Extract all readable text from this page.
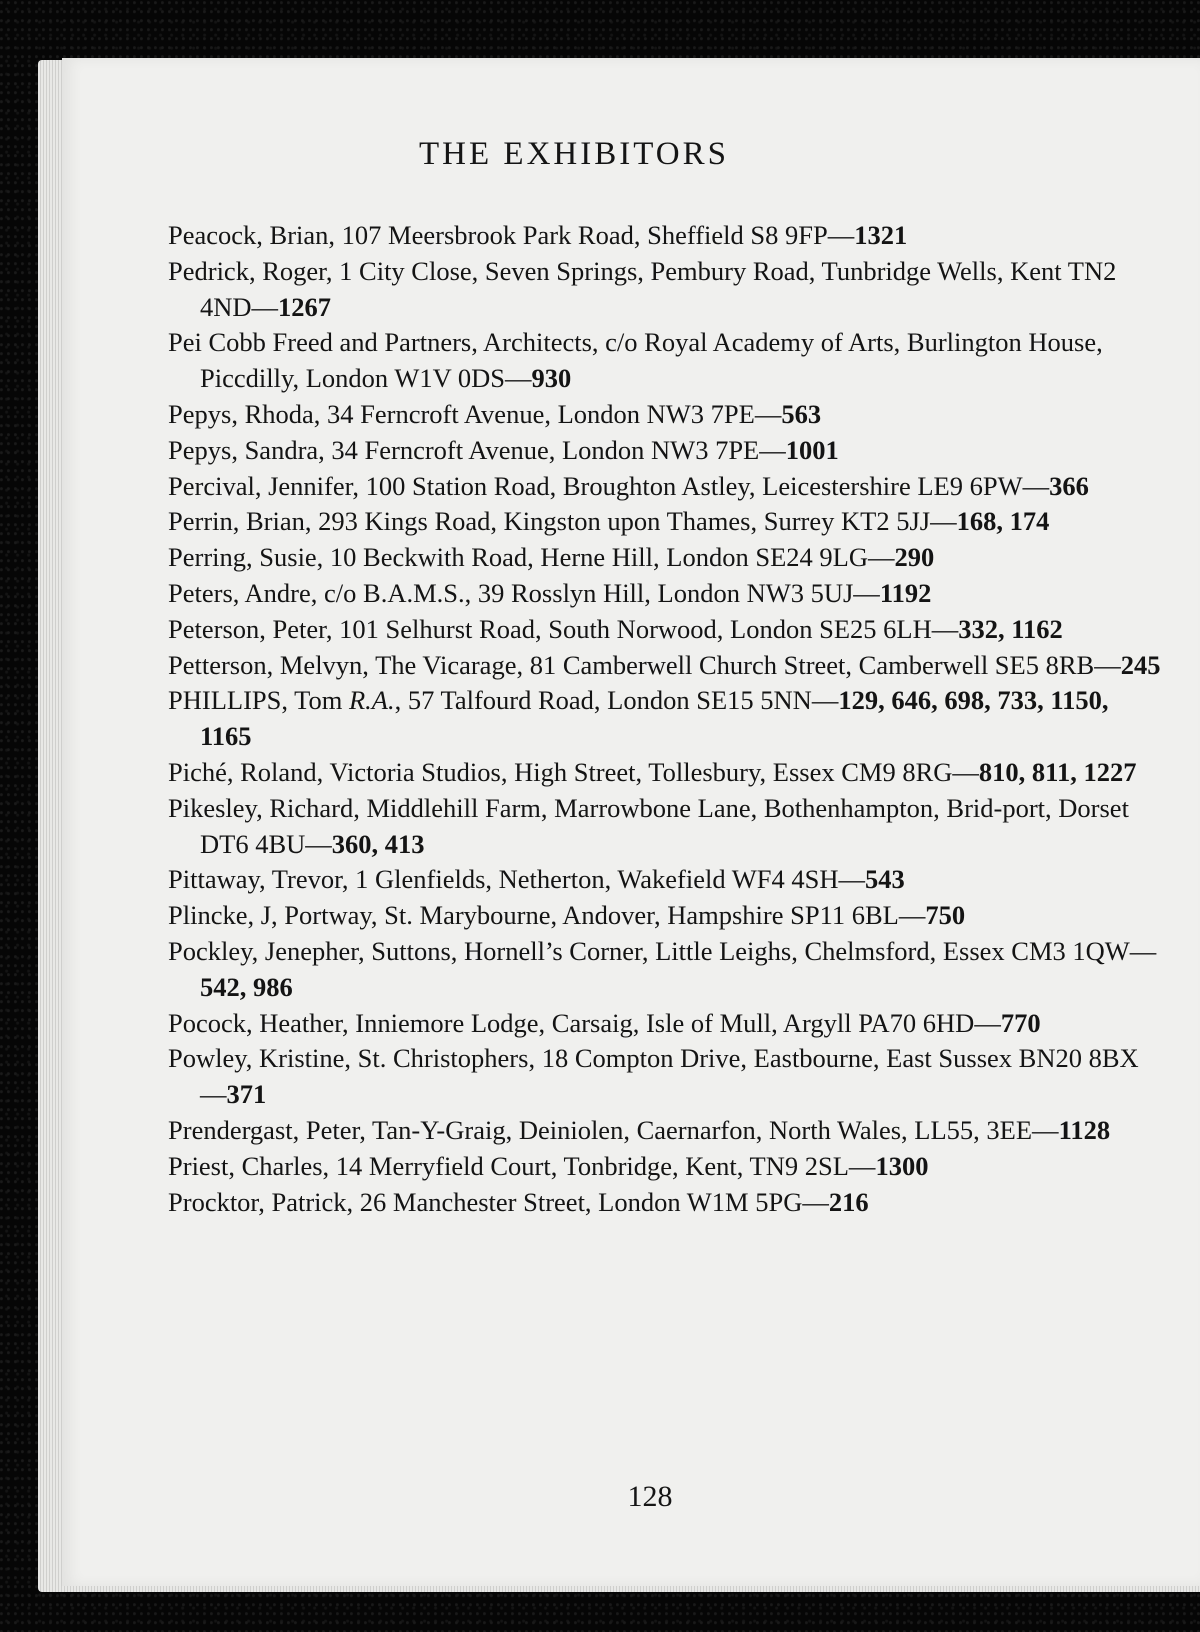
THE EXHIBITORS

Peacock, Brian, 107 Meersbrook Park Road, Sheffield S8 9FP—1321

Pedrick, Roger, 1 City Close, Seven Springs, Pembury Road, Tunbridge Wells, Kent TN2 4ND—1267

Pei Cobb Freed and Partners, Architects, c/o Royal Academy of Arts, Burlington House, Piccdilly, London W1V 0DS—930

Pepys, Rhoda, 34 Ferncroft Avenue, London NW3 7PE—563

Pepys, Sandra, 34 Ferncroft Avenue, London NW3 7PE—1001

Percival, Jennifer, 100 Station Road, Broughton Astley, Leicestershire LE9 6PW—366

Perrin, Brian, 293 Kings Road, Kingston upon Thames, Surrey KT2 5JJ—168, 174

Perring, Susie, 10 Beckwith Road, Herne Hill, London SE24 9LG—290

Peters, Andre, c/o B.A.M.S., 39 Rosslyn Hill, London NW3 5UJ—1192

Peterson, Peter, 101 Selhurst Road, South Norwood, London SE25 6LH—332, 1162

Petterson, Melvyn, The Vicarage, 81 Camberwell Church Street, Camberwell SE5 8RB—245

PHILLIPS, Tom R.A., 57 Talfourd Road, London SE15 5NN—129, 646, 698, 733, 1150, 1165

Piché, Roland, Victoria Studios, High Street, Tollesbury, Essex CM9 8RG—810, 811, 1227

Pikesley, Richard, Middlehill Farm, Marrowbone Lane, Bothenhampton, Brid-port, Dorset DT6 4BU—360, 413

Pittaway, Trevor, 1 Glenfields, Netherton, Wakefield WF4 4SH—543

Plincke, J, Portway, St. Marybourne, Andover, Hampshire SP11 6BL—750

Pockley, Jenepher, Suttons, Hornell’s Corner, Little Leighs, Chelmsford, Essex CM3 1QW—542, 986

Pocock, Heather, Inniemore Lodge, Carsaig, Isle of Mull, Argyll PA70 6HD—770

Powley, Kristine, St. Christophers, 18 Compton Drive, Eastbourne, East Sussex BN20 8BX—371

Prendergast, Peter, Tan-Y-Graig, Deiniolen, Caernarfon, North Wales, LL55, 3EE—1128

Priest, Charles, 14 Merryfield Court, Tonbridge, Kent, TN9 2SL—1300

Procktor, Patrick, 26 Manchester Street, London W1M 5PG—216

128
